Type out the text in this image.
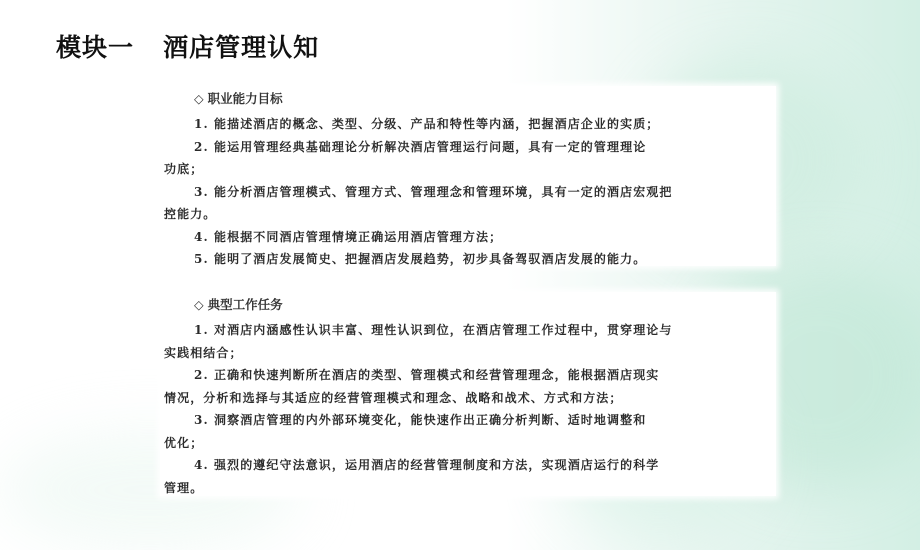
模块一   酒店管理认知
◇ 职业能力目标
1. 能描述酒店的概念、类型、分级、产品和特性等内涵，把握酒店企业的实质；
2. 能运用管理经典基础理论分析解决酒店管理运行问题，具有一定的管理理论
功底；
3. 能分析酒店管理模式、管理方式、管理理念和管理环境，具有一定的酒店宏观把
控能力。
4. 能根据不同酒店管理情境正确运用酒店管理方法；
5. 能明了酒店发展简史、把握酒店发展趋势，初步具备驾驭酒店发展的能力。
◇ 典型工作任务
1. 对酒店内涵感性认识丰富、理性认识到位，在酒店管理工作过程中，贯穿理论与
实践相结合；
2. 正确和快速判断所在酒店的类型、管理模式和经营管理理念，能根据酒店现实
情况，分析和选择与其适应的经营管理模式和理念、战略和战术、方式和方法；
3. 洞察酒店管理的内外部环境变化，能快速作出正确分析判断、适时地调整和
优化；
4. 强烈的遵纪守法意识，运用酒店的经营管理制度和方法，实现酒店运行的科学
管理。
